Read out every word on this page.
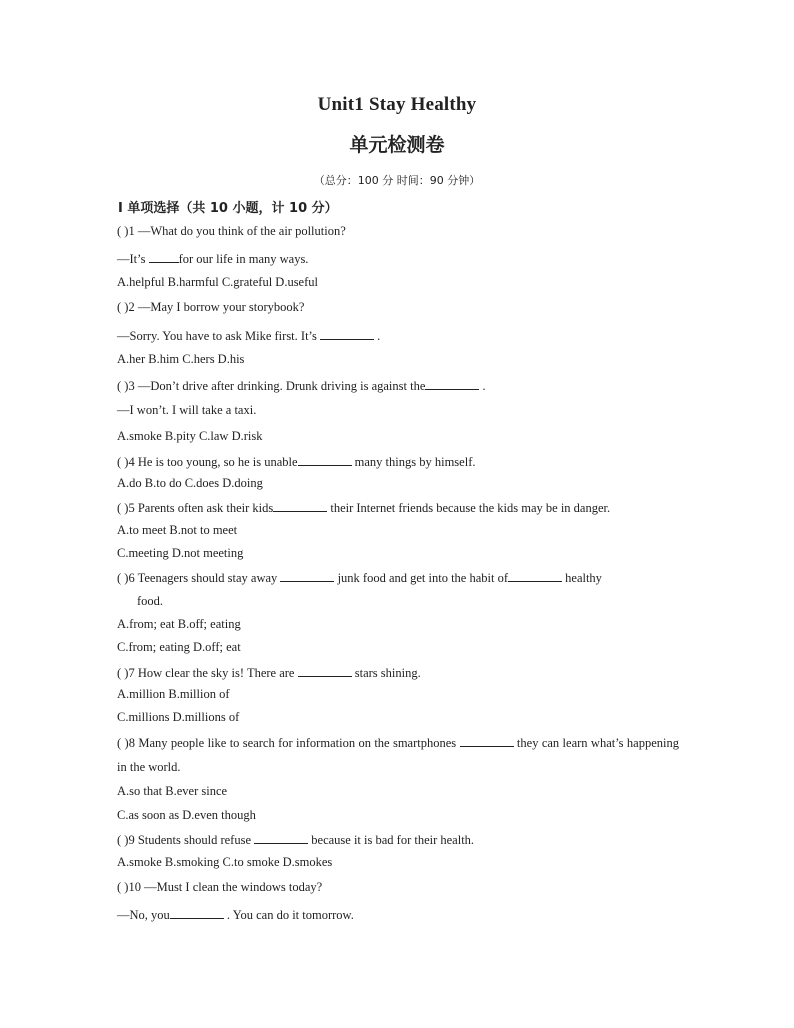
Unit1 Stay Healthy
单元检测卷
（总分：100 分 时间：90 分钟）
Ⅰ 单项选择（共 10 小题，计 10 分）
( )1 —What do you think of the air pollution?
—It’s for our life in many ways.
A.helpful B.harmful C.grateful D.useful
( )2 —May I borrow your storybook?
—Sorry. You have to ask Mike first. It’s	.
A.her B.him C.hers D.his
( )3 —Don’t drive after drinking. Drunk driving is against the	.
—I won’t. I will take a taxi.
A.smoke B.pity C.law D.risk
( )4 He is too young, so he is unable	many things by himself.
A.do B.to do C.does D.doing
( )5 Parents often ask their kids	their Internet friends because the kids may be in danger.
A.to meet B.not to meet
C.meeting D.not meeting
( )6 Teenagers should stay away	junk food and get into the habit of	healthy
food.
A.from; eat B.off; eating
C.from; eating D.off; eat
( )7 How clear the sky is! There are	stars shining.
A.million B.million of
C.millions D.millions of
( )8 Many people like to search for information on the smartphones	they can learn what’s happening in the world.
A.so that B.ever since
C.as soon as D.even though
( )9 Students should refuse	because it is bad for their health.
A.smoke B.smoking C.to smoke D.smokes
( )10 —Must I clean the windows today?
—No, you	. You can do it tomorrow.
